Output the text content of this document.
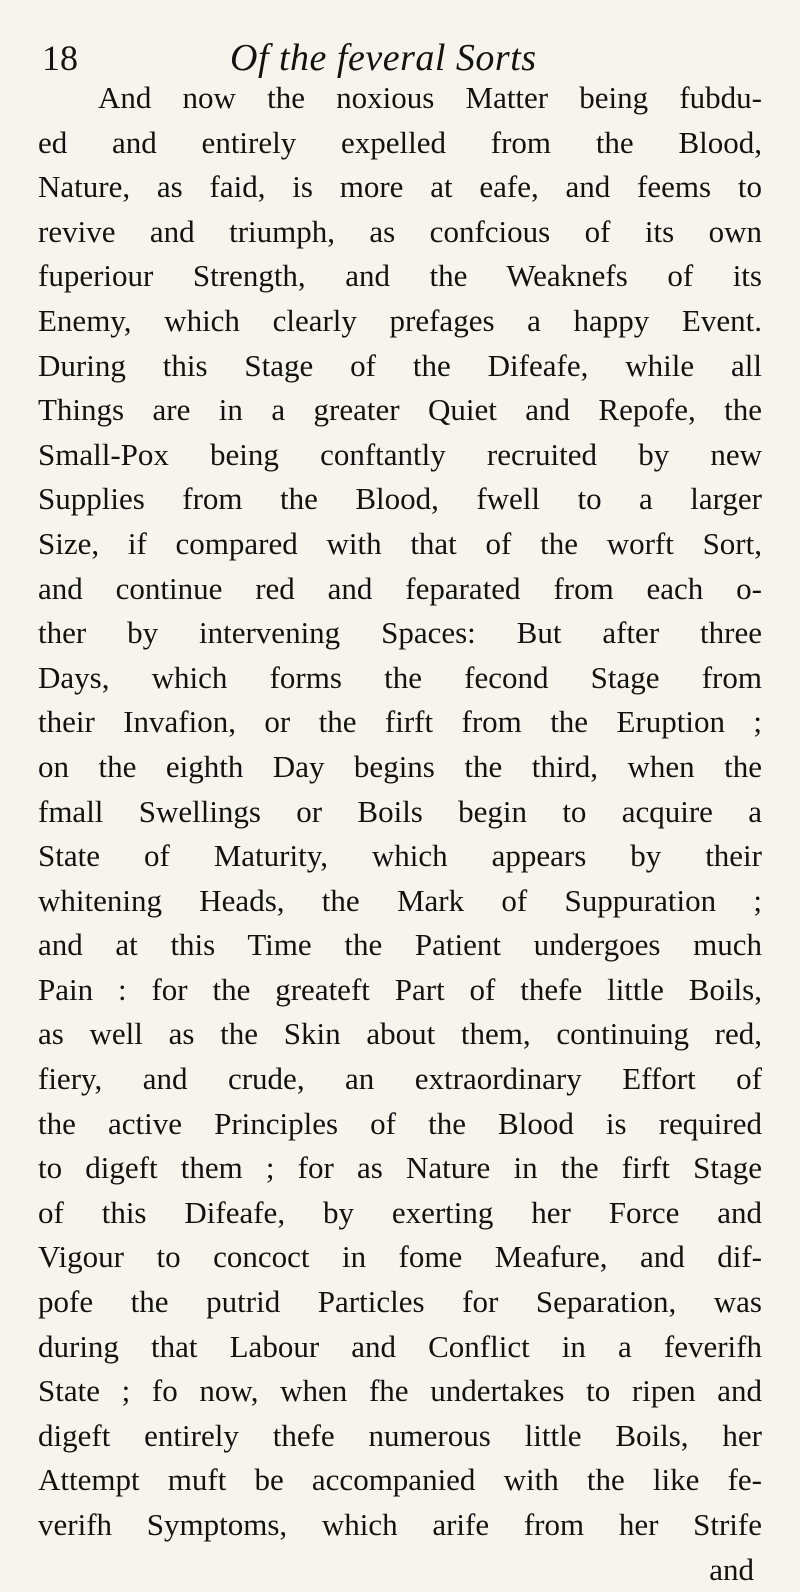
18	Of the feveral Sorts
And now the noxious Matter being fubdu-
ed and entirely expelled from the Blood,
Nature, as faid, is more at eafe, and feems to
revive and triumph, as confcious of its own
fuperiour Strength, and the Weaknefs of its
Enemy, which clearly prefages a happy Event.
During this Stage of the Difeafe, while all
Things are in a greater Quiet and Repofe, the
Small-Pox being conftantly recruited by new
Supplies from the Blood, fwell to a larger
Size, if compared with that of the worft Sort,
and continue red and feparated from each o-
ther by intervening Spaces: But after three
Days, which forms the fecond Stage from
their Invafion, or the firft from the Eruption ;
on the eighth Day begins the third, when the
fmall Swellings or Boils begin to acquire a
State of Maturity, which appears by their
whitening Heads, the Mark of Suppuration ;
and at this Time the Patient undergoes much
Pain : for the greateft Part of thefe little Boils,
as well as the Skin about them, continuing red,
fiery, and crude, an extraordinary Effort of
the active Principles of the Blood is required
to digeft them ; for as Nature in the firft Stage
of this Difeafe, by exerting her Force and
Vigour to concoct in fome Meafure, and dif-
pofe the putrid Particles for Separation, was
during that Labour and Conflict in a feverifh
State ; fo now, when fhe undertakes to ripen and
digeft entirely thefe numerous little Boils, her
Attempt muft be accompanied with the like fe-
verifh Symptoms, which arife from her Strife
and
